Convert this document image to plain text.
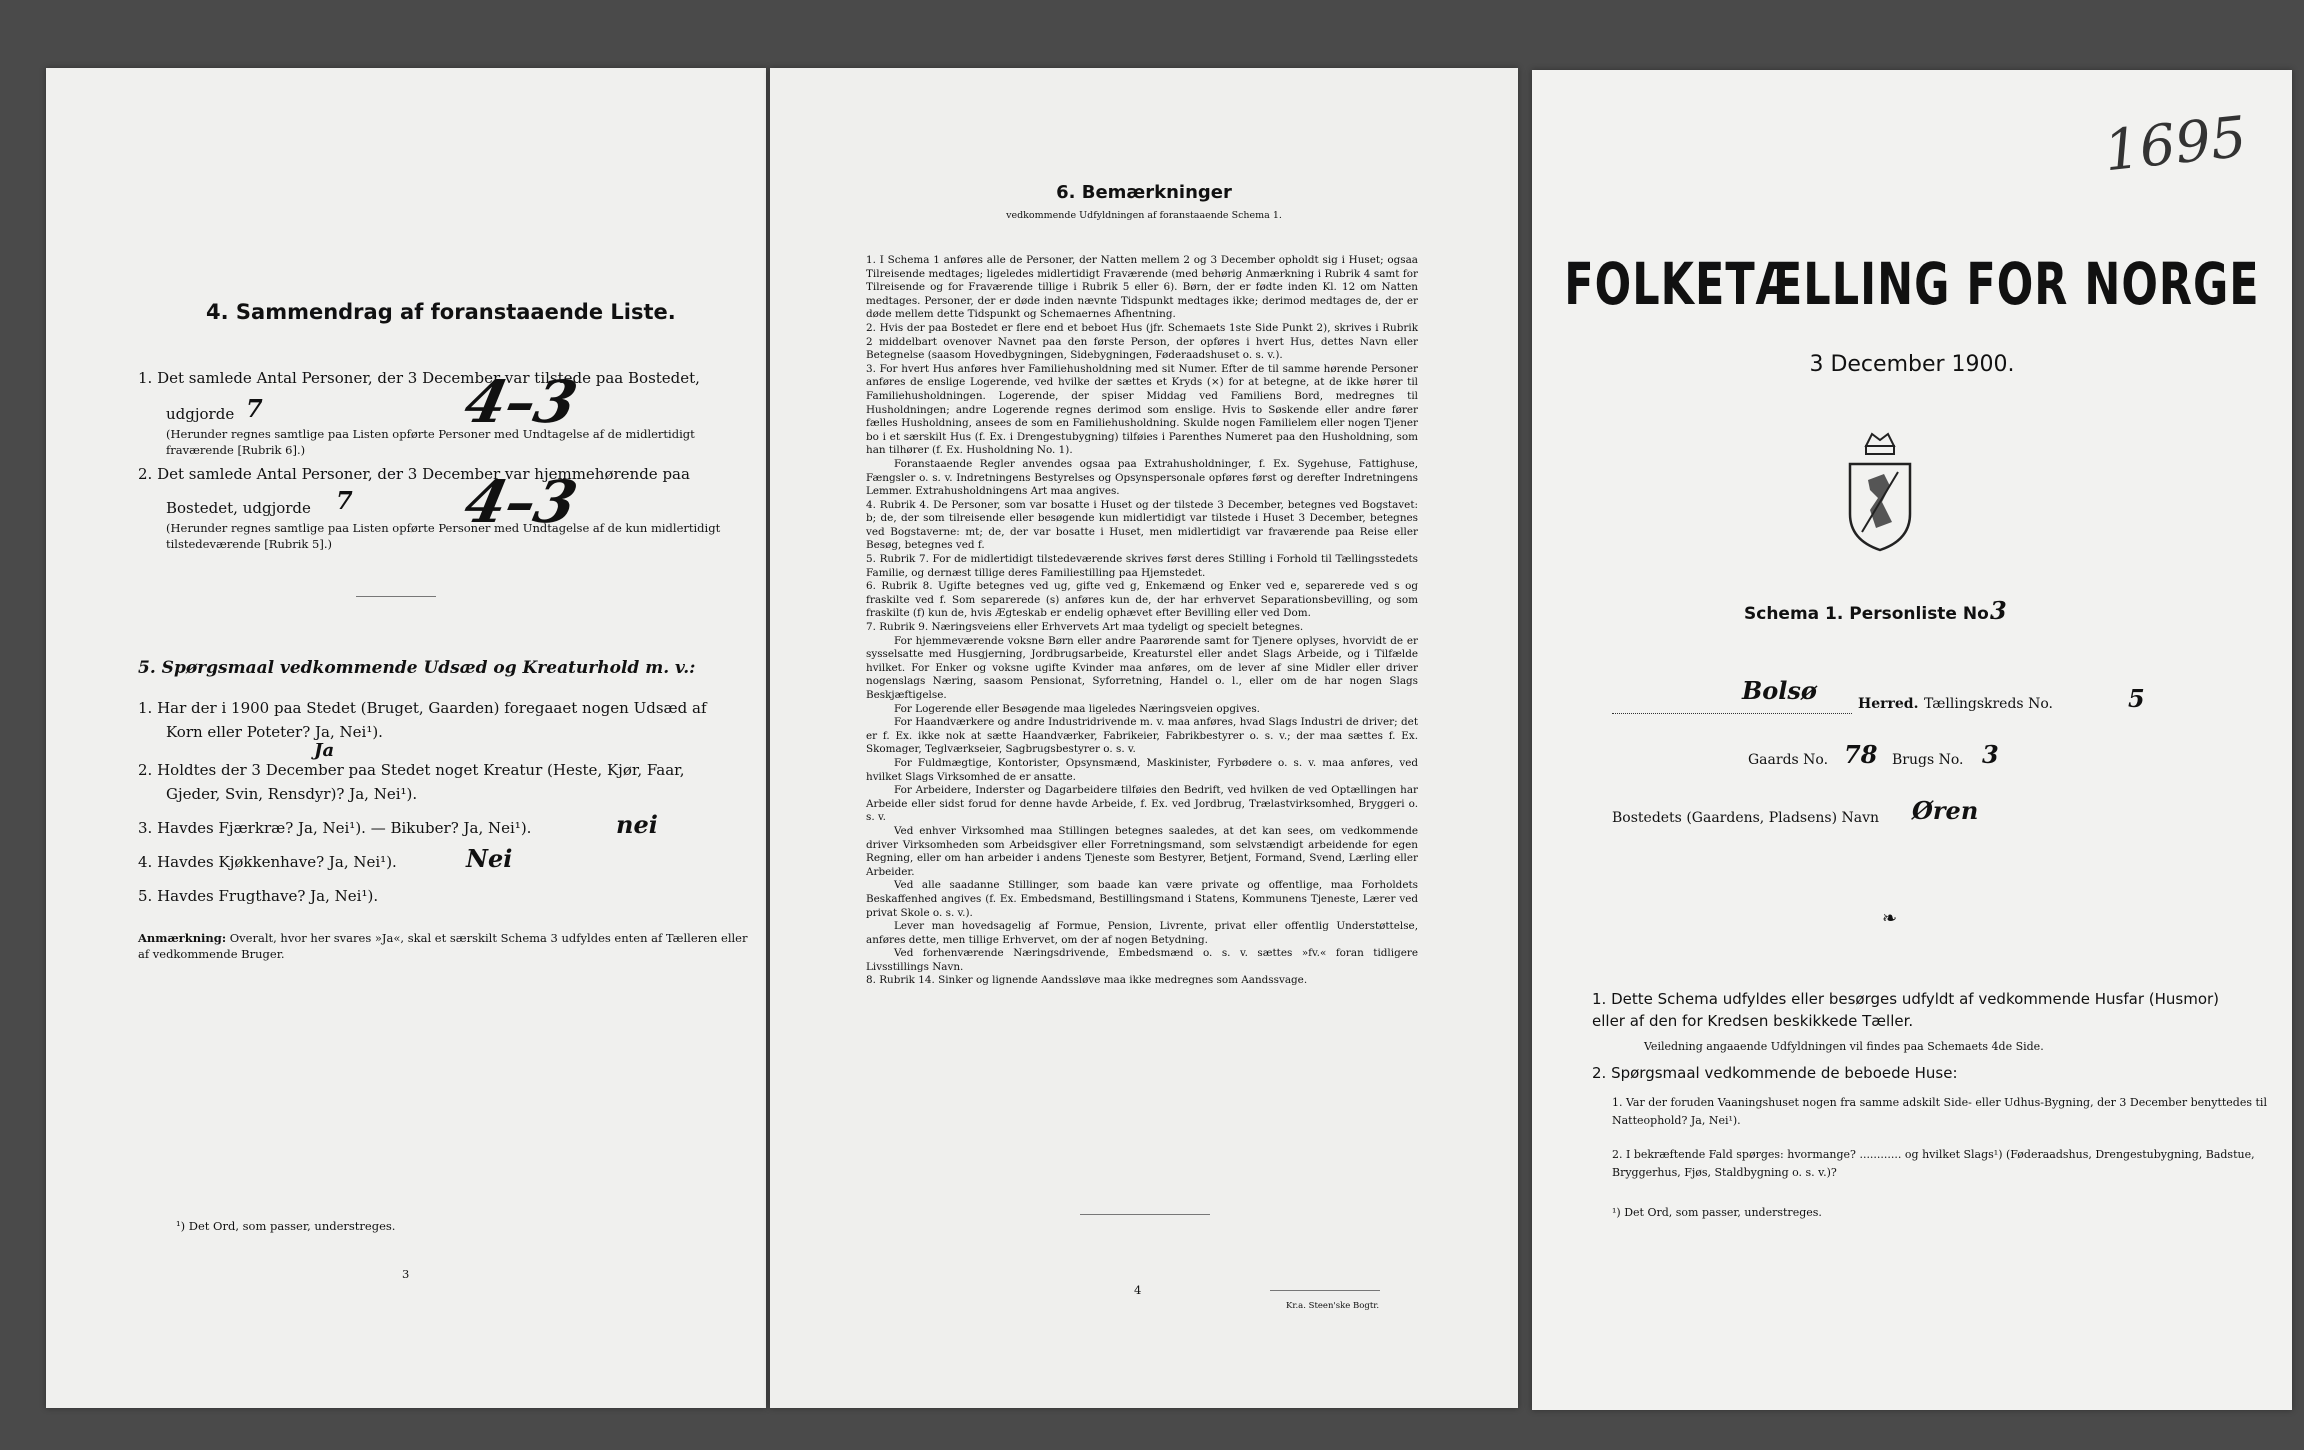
4. Sammendrag af foranstaaende Liste.
1. Det samlede Antal Personer, der 3 December var tilstede paa Bostedet,
udgjorde 7	4–3
(Herunder regnes samtlige paa Listen opførte Personer med Undtagelse af de midlertidigt fraværende [Rubrik 6].)
2. Det samlede Antal Personer, der 3 December var hjemmehørende paa
Bostedet, udgjorde 7 4–3
(Herunder regnes samtlige paa Listen opførte Personer med Undtagelse af de kun midlertidigt tilstedeværende [Rubrik 5].)
5. Spørgsmaal vedkommende Udsæd og Kreaturhold m. v.:
1. Har der i 1900 paa Stedet (Bruget, Gaarden) foregaaet nogen Udsæd af
Korn eller Poteter? Ja, Nei¹).
Ja
2. Holdtes der 3 December paa Stedet noget Kreatur (Heste, Kjør, Faar,
Gjeder, Svin, Rensdyr)? Ja, Nei¹).
3. Havdes Fjærkræ? Ja, Nei¹). — Bikuber? Ja, Nei¹).	nei
4. Havdes Kjøkkenhave? Ja, Nei¹).	Nei
5. Havdes Frugthave? Ja, Nei¹).
Anmærkning: Overalt, hvor her svares »Ja«, skal et særskilt Schema 3 udfyldes enten af Tælleren eller af vedkommende Bruger.
¹) Det Ord, som passer, understreges.
3
6. Bemærkninger
vedkommende Udfyldningen af foranstaaende Schema 1.

1. I Schema 1 anføres alle de Personer, der Natten mellem 2 og 3 December opholdt sig i Huset; ogsaa Tilreisende medtages; ligeledes midlertidigt Fraværende (med behørig Anmærkning i Rubrik 4 samt for Tilreisende og for Fraværende tillige i Rubrik 5 eller 6). Børn, der er fødte inden Kl. 12 om Natten medtages. Personer, der er døde inden nævnte Tidspunkt medtages ikke; derimod medtages de, der er døde mellem dette Tidspunkt og Schemaernes Afhentning.

2. Hvis der paa Bostedet er flere end et beboet Hus (jfr. Schemaets 1ste Side Punkt 2), skrives i Rubrik 2 middelbart ovenover Navnet paa den første Person, der opføres i hvert Hus, dettes Navn eller Betegnelse (saasom Hovedbygningen, Sidebygningen, Føderaadshuset o. s. v.).

3. For hvert Hus anføres hver Familiehusholdning med sit Numer. Efter de til samme hørende Personer anføres de enslige Logerende, ved hvilke der sættes et Kryds (×) for at betegne, at de ikke hører til Familiehusholdningen. Logerende, der spiser Middag ved Familiens Bord, medregnes til Husholdningen; andre Logerende regnes derimod som enslige. Hvis to Søskende eller andre fører fælles Husholdning, ansees de som en Familiehusholdning. Skulde nogen Familielem eller nogen Tjener bo i et særskilt Hus (f. Ex. i Drengestubygning) tilføies i Parenthes Numeret paa den Husholdning, som han tilhører (f. Ex. Husholdning No. 1).

Foranstaaende Regler anvendes ogsaa paa Extrahusholdninger, f. Ex. Sygehuse, Fattighuse, Fængsler o. s. v. Indretningens Bestyrelses og Opsynspersonale opføres først og derefter Indretningens Lemmer. Extrahusholdningens Art maa angives.

4. Rubrik 4. De Personer, som var bosatte i Huset og der tilstede 3 December, betegnes ved Bogstavet: b; de, der som tilreisende eller besøgende kun midlertidigt var tilstede i Huset 3 December, betegnes ved Bogstaverne: mt; de, der var bosatte i Huset, men midlertidigt var fraværende paa Reise eller Besøg, betegnes ved f.

5. Rubrik 7. For de midlertidigt tilstedeværende skrives først deres Stilling i Forhold til Tællingsstedets Familie, og dernæst tillige deres Familiestilling paa Hjemstedet.

6. Rubrik 8. Ugifte betegnes ved ug, gifte ved g, Enkemænd og Enker ved e, separerede ved s og fraskilte ved f. Som separerede (s) anføres kun de, der har erhvervet Separationsbevilling, og som fraskilte (f) kun de, hvis Ægteskab er endelig ophævet efter Bevilling eller ved Dom.

7. Rubrik 9. Næringsveiens eller Erhvervets Art maa tydeligt og specielt betegnes.

For hjemmeværende voksne Børn eller andre Paarørende samt for Tjenere oplyses, hvorvidt de er sysselsatte med Husgjerning, Jordbrugsarbeide, Kreaturstel eller andet Slags Arbeide, og i Tilfælde hvilket. For Enker og voksne ugifte Kvinder maa anføres, om de lever af sine Midler eller driver nogenslags Næring, saasom Pensionat, Syforretning, Handel o. l., eller om de har nogen Slags Beskjæftigelse.

For Logerende eller Besøgende maa ligeledes Næringsveien opgives.

For Haandværkere og andre Industridrivende m. v. maa anføres, hvad Slags Industri de driver; det er f. Ex. ikke nok at sætte Haandværker, Fabrikeier, Fabrikbestyrer o. s. v.; der maa sættes f. Ex. Skomager, Teglværkseier, Sagbrugsbestyrer o. s. v.

For Fuldmægtige, Kontorister, Opsynsmænd, Maskinister, Fyrbødere o. s. v. maa anføres, ved hvilket Slags Virksomhed de er ansatte.

For Arbeidere, Inderster og Dagarbeidere tilføies den Bedrift, ved hvilken de ved Optællingen har Arbeide eller sidst forud for denne havde Arbeide, f. Ex. ved Jordbrug, Trælastvirksomhed, Bryggeri o. s. v.

Ved enhver Virksomhed maa Stillingen betegnes saaledes, at det kan sees, om vedkommende driver Virksomheden som Arbeidsgiver eller Forretningsmand, som selvstændigt arbeidende for egen Regning, eller om han arbeider i andens Tjeneste som Bestyrer, Betjent, Formand, Svend, Lærling eller Arbeider.

Ved alle saadanne Stillinger, som baade kan være private og offentlige, maa Forholdets Beskaffenhed angives (f. Ex. Embedsmand, Bestillingsmand i Statens, Kommunens Tjeneste, Lærer ved privat Skole o. s. v.).

Lever man hovedsagelig af Formue, Pension, Livrente, privat eller offentlig Understøttelse, anføres dette, men tillige Erhvervet, om der af nogen Betydning.

Ved forhenværende Næringsdrivende, Embedsmænd o. s. v. sættes »fv.« foran tidligere Livsstillings Navn.

8. Rubrik 14. Sinker og lignende Aandssløve maa ikke medregnes som Aandssvage.

4
Kr.a. Steen'ske Bogtr.
1695
FOLKETÆLLING FOR NORGE
3 December 1900.
Schema 1. Personliste No.
3
Bolsø	Herred. Tællingskreds No.	5
Gaards No. 78 Brugs No. 3
Bostedets (Gaardens, Pladsens) Navn Øren
❧
1. Dette Schema udfyldes eller besørges udfyldt af vedkommende Husfar (Husmor) eller af den for Kredsen beskikkede Tæller.
Veiledning angaaende Udfyldningen vil findes paa Schemaets 4de Side.
2. Spørgsmaal vedkommende de beboede Huse:
1. Var der foruden Vaaningshuset nogen fra samme adskilt Side- eller Udhus-Bygning, der 3 December benyttedes til Natteophold? Ja, Nei¹).
2. I bekræftende Fald spørges: hvormange? ............ og hvilket Slags¹) (Føderaadshus, Drengestubygning, Badstue, Bryggerhus, Fjøs, Staldbygning o. s. v.)?
¹) Det Ord, som passer, understreges.
